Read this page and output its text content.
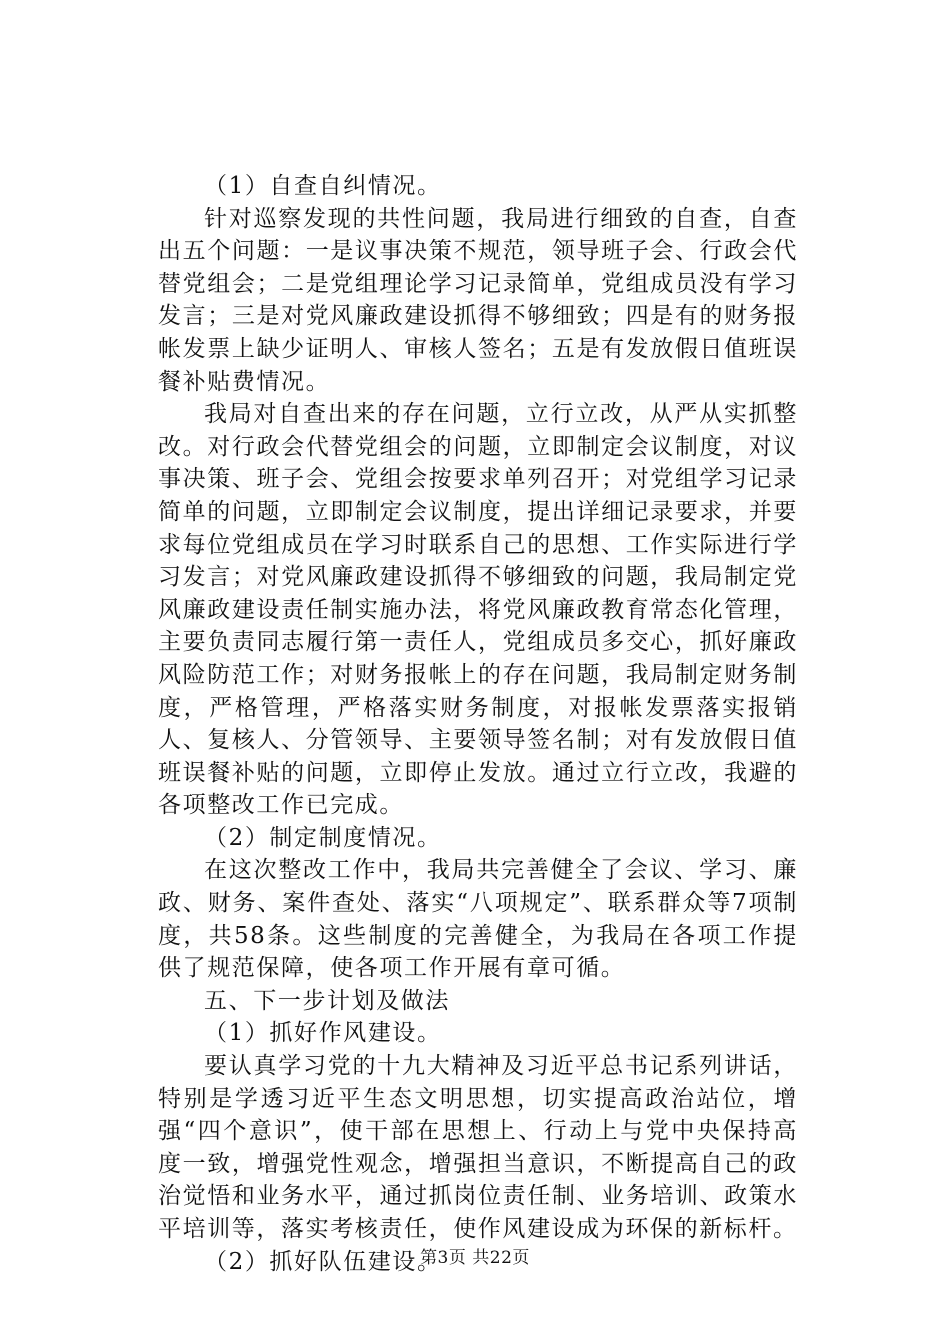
（1）自查自纠情况。

针对巡察发现的共性问题，我局进行细致的自查，自查出五个问题：一是议事决策不规范，领导班子会、行政会代替党组会；二是党组理论学习记录简单，党组成员没有学习发言；三是对党风廉政建设抓得不够细致；四是有的财务报帐发票上缺少证明人、审核人签名；五是有发放假日值班误餐补贴费情况。

我局对自查出来的存在问题，立行立改，从严从实抓整改。对行政会代替党组会的问题，立即制定会议制度，对议事决策、班子会、党组会按要求单列召开；对党组学习记录简单的问题，立即制定会议制度，提出详细记录要求，并要求每位党组成员在学习时联系自己的思想、工作实际进行学习发言；对党风廉政建设抓得不够细致的问题，我局制定党风廉政建设责任制实施办法，将党风廉政教育常态化管理，主要负责同志履行第一责任人，党组成员多交心，抓好廉政风险防范工作；对财务报帐上的存在问题，我局制定财务制度，严格管理，严格落实财务制度，对报帐发票落实报销人、复核人、分管领导、主要领导签名制；对有发放假日值班误餐补贴的问题，立即停止发放。通过立行立改，我避的各项整改工作已完成。

（2）制定制度情况。

在这次整改工作中，我局共完善健全了会议、学习、廉政、财务、案件查处、落实“八项规定”、联系群众等7项制度，共58条。这些制度的完善健全，为我局在各项工作提供了规范保障，使各项工作开展有章可循。

五、下一步计划及做法

（1）抓好作风建设。

要认真学习党的十九大精神及习近平总书记系列讲话，特别是学透习近平生态文明思想，切实提高政治站位，增强“四个意识”，使干部在思想上、行动上与党中央保持高度一致，增强党性观念，增强担当意识，不断提高自己的政治觉悟和业务水平，通过抓岗位责任制、业务培训、政策水平培训等，落实考核责任，使作风建设成为环保的新标杆。

（2）抓好队伍建设。

第3页 共22页
